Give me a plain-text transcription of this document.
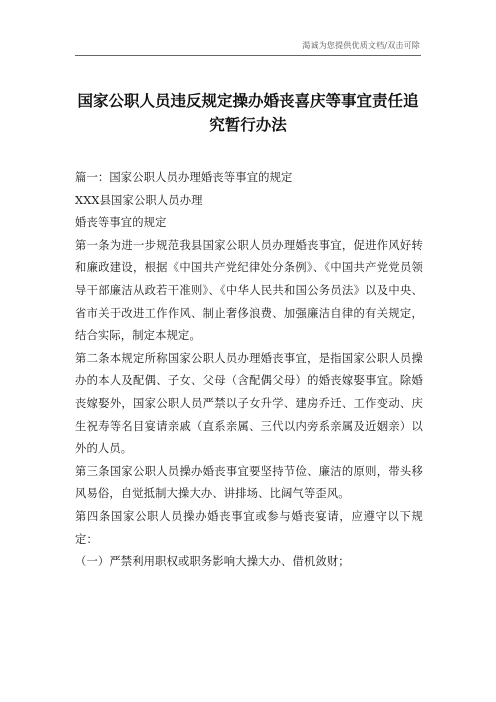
渴诚为您提供优质文档/双击可除
国家公职人员违反规定操办婚丧喜庆等事宜责任追
究暂行办法

篇一：国家公职人员办理婚丧等事宜的规定

XXX县国家公职人员办理

婚丧等事宜的规定

第一条为进一步规范我县国家公职人员办理婚丧事宜，促进作风好转和廉政建设，根据《中国共产党纪律处分条例》、《中国共产党党员领导干部廉洁从政若干准则》、《中华人民共和国公务员法》以及中央、省市关于改进工作作风、制止奢侈浪费、加强廉洁自律的有关规定，结合实际，制定本规定。

第二条本规定所称国家公职人员办理婚丧事宜，是指国家公职人员操办的本人及配偶、子女、父母（含配偶父母）的婚丧嫁娶事宜。除婚丧嫁娶外，国家公职人员严禁以子女升学、建房乔迁、工作变动、庆生祝寿等名目宴请亲戚（直系亲属、三代以内旁系亲属及近姻亲）以外的人员。

第三条国家公职人员操办婚丧事宜要坚持节俭、廉洁的原则，带头移风易俗，自觉抵制大操大办、讲排场、比阔气等歪风。

第四条国家公职人员操办婚丧事宜或参与婚丧宴请，应遵守以下规定：

（一）严禁利用职权或职务影响大操大办、借机敛财；
